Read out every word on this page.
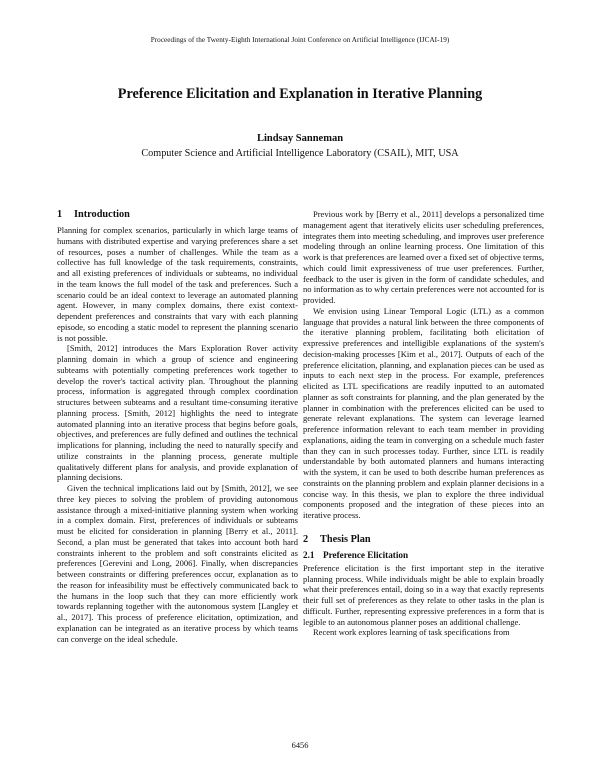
Proceedings of the Twenty-Eighth International Joint Conference on Artificial Intelligence (IJCAI-19)
Preference Elicitation and Explanation in Iterative Planning
Lindsay Sanneman
Computer Science and Artificial Intelligence Laboratory (CSAIL), MIT, USA
1 Introduction

Planning for complex scenarios, particularly in which large teams of humans with distributed expertise and varying preferences share a set of resources, poses a number of challenges. While the team as a collective has full knowledge of the task requirements, constraints, and all existing preferences of individuals or subteams, no individual in the team knows the full model of the task and preferences. Such a scenario could be an ideal context to leverage an automated planning agent. However, in many complex domains, there exist context-dependent preferences and constraints that vary with each planning episode, so encoding a static model to represent the planning scenario is not possible.

[Smith, 2012] introduces the Mars Exploration Rover activity planning domain in which a group of science and engineering subteams with potentially competing preferences work together to develop the rover's tactical activity plan. Throughout the planning process, information is aggregated through complex coordination structures between subteams and a resultant time-consuming iterative planning process. [Smith, 2012] highlights the need to integrate automated planning into an iterative process that begins before goals, objectives, and preferences are fully defined and outlines the technical implications for planning, including the need to naturally specify and utilize constraints in the planning process, generate multiple qualitatively different plans for analysis, and provide explanation of planning decisions.

Given the technical implications laid out by [Smith, 2012], we see three key pieces to solving the problem of providing autonomous assistance through a mixed-initiative planning system when working in a complex domain. First, preferences of individuals or subteams must be elicited for consideration in planning [Berry et al., 2011]. Second, a plan must be generated that takes into account both hard constraints inherent to the problem and soft constraints elicited as preferences [Gerevini and Long, 2006]. Finally, when discrepancies between constraints or differing preferences occur, explanation as to the reason for infeasibility must be effectively communicated back to the humans in the loop such that they can more efficiently work towards replanning together with the autonomous system [Langley et al., 2017]. This process of preference elicitation, optimization, and explanation can be integrated as an iterative process by which teams can converge on the ideal schedule.

Previous work by [Berry et al., 2011] develops a personalized time management agent that iteratively elicits user scheduling preferences, integrates them into meeting scheduling, and improves user preference modeling through an online learning process. One limitation of this work is that preferences are learned over a fixed set of objective terms, which could limit expressiveness of true user preferences. Further, feedback to the user is given in the form of candidate schedules, and no information as to why certain preferences were not accounted for is provided.

We envision using Linear Temporal Logic (LTL) as a common language that provides a natural link between the three components of the iterative planning problem, facilitating both elicitation of expressive preferences and intelligible explanations of the system's decision-making processes [Kim et al., 2017]. Outputs of each of the preference elicitation, planning, and explanation pieces can be used as inputs to each next step in the process. For example, preferences elicited as LTL specifications are readily inputted to an automated planner as soft constraints for planning, and the plan generated by the planner in combination with the preferences elicited can be used to generate relevant explanations. The system can leverage learned preference information relevant to each team member in providing explanations, aiding the team in converging on a schedule much faster than they can in such processes today. Further, since LTL is readily understandable by both automated planners and humans interacting with the system, it can be used to both describe human preferences as constraints on the planning problem and explain planner decisions in a concise way. In this thesis, we plan to explore the three individual components proposed and the integration of these pieces into an iterative process.

2 Thesis Plan
2.1 Preference Elicitation

Preference elicitation is the first important step in the iterative planning process. While individuals might be able to explain broadly what their preferences entail, doing so in a way that exactly represents their full set of preferences as they relate to other tasks in the plan is difficult. Further, representing expressive preferences in a form that is legible to an autonomous planner poses an additional challenge.

Recent work explores learning of task specifications from

6456
